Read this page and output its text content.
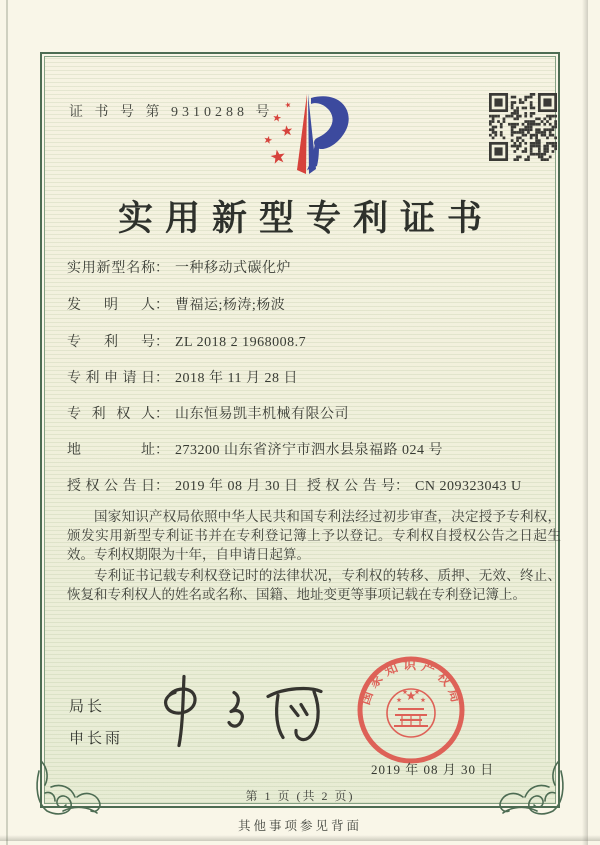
证 书 号 第 9310288 号
实用新型专利证书
实用新型名称： 一种移动式碳化炉
发明人： 曹福运;杨涛;杨波
专利号： ZL 2018 2 1968008.7
专利申请日： 2018 年 11 月 28 日
专利权人： 山东恒易凯丰机械有限公司
地址： 273200 山东省济宁市泗水县泉福路 024 号
授权公告日： 2019 年 08 月 30 日 授权公告号： CN 209323043 U

国家知识产权局依照中华人民共和国专利法经过初步审查，决定授予专利权，颁发实用新型专利证书并在专利登记簿上予以登记。专利权自授权公告之日起生效。专利权期限为十年，自申请日起算。

专利证书记载专利权登记时的法律状况，专利权的转移、质押、无效、终止、恢复和专利权人的姓名或名称、国籍、地址变更等事项记载在专利登记簿上。

局长
申长雨
国家知识产权局
2019 年 08 月 30 日
第 1 页 (共 2 页)
其他事项参见背面
